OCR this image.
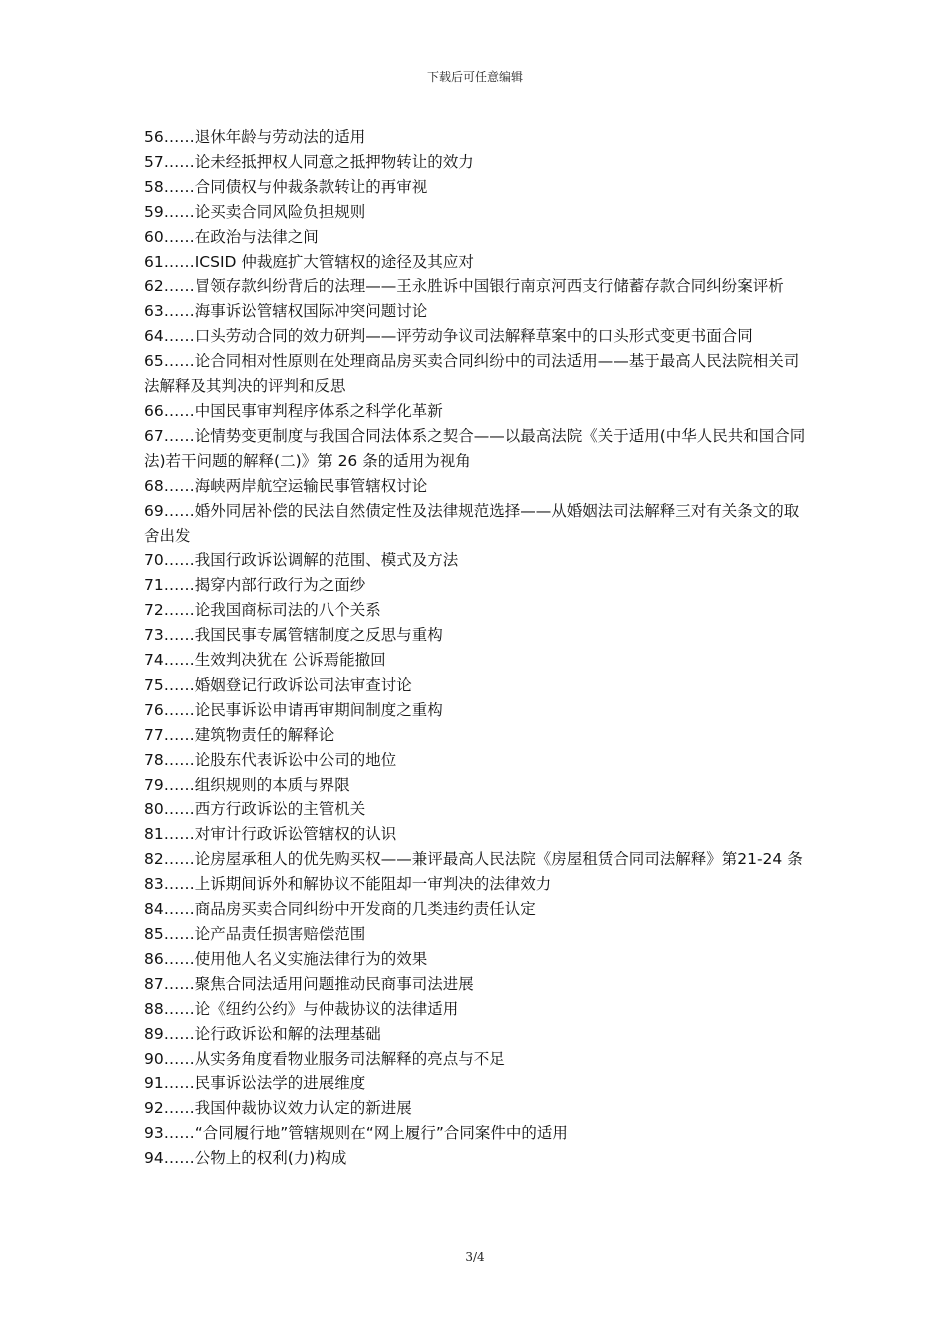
下载后可任意编辑
56……退休年龄与劳动法的适用
57……论未经抵押权人同意之抵押物转让的效力
58……合同债权与仲裁条款转让的再审视
59……论买卖合同风险负担规则
60……在政治与法律之间
61……ICSID 仲裁庭扩大管辖权的途径及其应对
62……冒领存款纠纷背后的法理——王永胜诉中国银行南京河西支行储蓄存款合同纠纷案评析
63……海事诉讼管辖权国际冲突问题讨论
64……口头劳动合同的效力研判——评劳动争议司法解释草案中的口头形式变更书面合同
65……论合同相对性原则在处理商品房买卖合同纠纷中的司法适用——基于最高人民法院相关司法解释及其判决的评判和反思
66……中国民事审判程序体系之科学化革新
67……论情势变更制度与我国合同法体系之契合——以最高法院《关于适用(中华人民共和国合同法)若干问题的解释(二)》第 26 条的适用为视角
68……海峡两岸航空运输民事管辖权讨论
69……婚外同居补偿的民法自然债定性及法律规范选择——从婚姻法司法解释三对有关条文的取舍出发
70……我国行政诉讼调解的范围、模式及方法
71……揭穿内部行政行为之面纱
72……论我国商标司法的八个关系
73……我国民事专属管辖制度之反思与重构
74……生效判决犹在 公诉焉能撤回
75……婚姻登记行政诉讼司法审查讨论
76……论民事诉讼申请再审期间制度之重构
77……建筑物责任的解释论
78……论股东代表诉讼中公司的地位
79……组织规则的本质与界限
80……西方行政诉讼的主管机关
81……对审计行政诉讼管辖权的认识
82……论房屋承租人的优先购买权——兼评最高人民法院《房屋租赁合同司法解释》第21-24 条
83……上诉期间诉外和解协议不能阻却一审判决的法律效力
84……商品房买卖合同纠纷中开发商的几类违约责任认定
85……论产品责任损害赔偿范围
86……使用他人名义实施法律行为的效果
87……聚焦合同法适用问题推动民商事司法进展
88……论《纽约公约》与仲裁协议的法律适用
89……论行政诉讼和解的法理基础
90……从实务角度看物业服务司法解释的亮点与不足
91……民事诉讼法学的进展维度
92……我国仲裁协议效力认定的新进展
93……“合同履行地”管辖规则在“网上履行”合同案件中的适用
94……公物上的权利(力)构成
3/4
